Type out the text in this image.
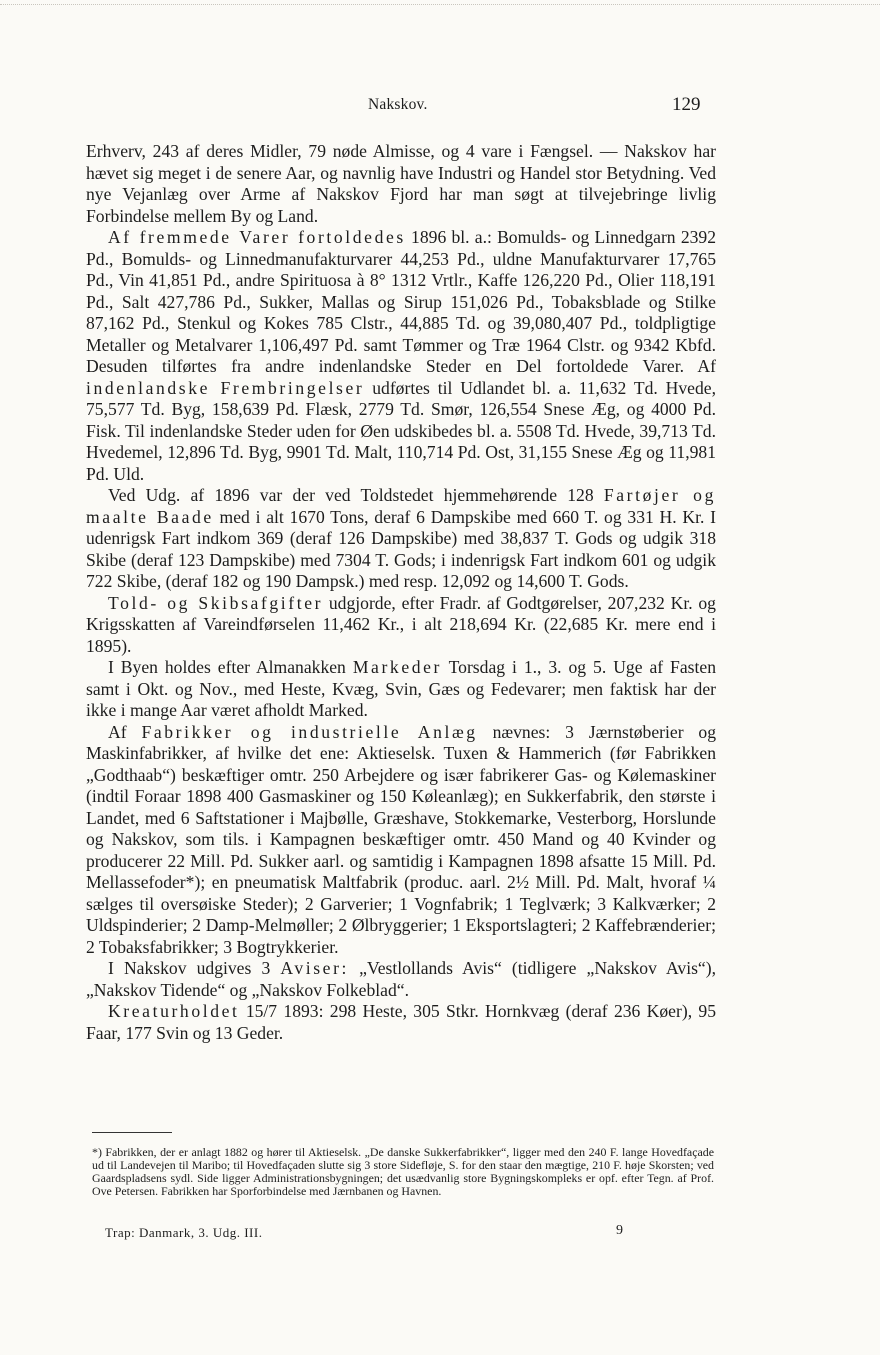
Nakskov.	129

Erhverv, 243 af deres Midler, 79 nøde Almisse, og 4 vare i Fængsel. — Nakskov har hævet sig meget i de senere Aar, og navnlig have Industri og Handel stor Betydning. Ved nye Vejanlæg over Arme af Nakskov Fjord har man søgt at tilvejebringe livlig Forbindelse mellem By og Land.

Af fremmede Varer fortoldedes 1896 bl. a.: Bomulds- og Linnedgarn 2392 Pd., Bomulds- og Linnedmanufakturvarer 44,253 Pd., uldne Manufakturvarer 17,765 Pd., Vin 41,851 Pd., andre Spirituosa à 8° 1312 Vrtlr., Kaffe 126,220 Pd., Olier 118,191 Pd., Salt 427,786 Pd., Sukker, Mallas og Sirup 151,026 Pd., Tobaksblade og Stilke 87,162 Pd., Stenkul og Kokes 785 Clstr., 44,885 Td. og 39,080,407 Pd., toldpligtige Metaller og Metalvarer 1,106,497 Pd. samt Tømmer og Træ 1964 Clstr. og 9342 Kbfd. Desuden tilførtes fra andre indenlandske Steder en Del fortoldede Varer. Af indenlandske Frembringelser udførtes til Udlandet bl. a. 11,632 Td. Hvede, 75,577 Td. Byg, 158,639 Pd. Flæsk, 2779 Td. Smør, 126,554 Snese Æg, og 4000 Pd. Fisk. Til indenlandske Steder uden for Øen udskibedes bl. a. 5508 Td. Hvede, 39,713 Td. Hvedemel, 12,896 Td. Byg, 9901 Td. Malt, 110,714 Pd. Ost, 31,155 Snese Æg og 11,981 Pd. Uld.

Ved Udg. af 1896 var der ved Toldstedet hjemmehørende 128 Fartøjer og maalte Baade med i alt 1670 Tons, deraf 6 Dampskibe med 660 T. og 331 H. Kr. I udenrigsk Fart indkom 369 (deraf 126 Dampskibe) med 38,837 T. Gods og udgik 318 Skibe (deraf 123 Dampskibe) med 7304 T. Gods; i indenrigsk Fart indkom 601 og udgik 722 Skibe, (deraf 182 og 190 Dampsk.) med resp. 12,092 og 14,600 T. Gods.

Told- og Skibsafgifter udgjorde, efter Fradr. af Godtgørelser, 207,232 Kr. og Krigsskatten af Vareindførselen 11,462 Kr., i alt 218,694 Kr. (22,685 Kr. mere end i 1895).

I Byen holdes efter Almanakken Markeder Torsdag i 1., 3. og 5. Uge af Fasten samt i Okt. og Nov., med Heste, Kvæg, Svin, Gæs og Fedevarer; men faktisk har der ikke i mange Aar været afholdt Marked.

Af Fabrikker og industrielle Anlæg nævnes: 3 Jærnstøberier og Maskinfabrikker, af hvilke det ene: Aktieselsk. Tuxen & Hammerich (før Fabrikken „Godthaab“) beskæftiger omtr. 250 Arbejdere og især fabrikerer Gas- og Kølemaskiner (indtil Foraar 1898 400 Gasmaskiner og 150 Køleanlæg); en Sukkerfabrik, den største i Landet, med 6 Saftstationer i Majbølle, Græshave, Stokkemarke, Vesterborg, Horslunde og Nakskov, som tils. i Kampagnen beskæftiger omtr. 450 Mand og 40 Kvinder og producerer 22 Mill. Pd. Sukker aarl. og samtidig i Kampagnen 1898 afsatte 15 Mill. Pd. Mellassefoder*); en pneumatisk Maltfabrik (produc. aarl. 2½ Mill. Pd. Malt, hvoraf ¼ sælges til oversøiske Steder); 2 Garverier; 1 Vognfabrik; 1 Teglværk; 3 Kalkværker; 2 Uldspinderier; 2 Damp-Melmøller; 2 Ølbryggerier; 1 Eksportslagteri; 2 Kaffebrænderier; 2 Tobaksfabrikker; 3 Bogtrykkerier.

I Nakskov udgives 3 Aviser: „Vestlollands Avis“ (tidligere „Nakskov Avis“), „Nakskov Tidende“ og „Nakskov Folkeblad“.

Kreaturholdet 15/7 1893: 298 Heste, 305 Stkr. Hornkvæg (deraf 236 Køer), 95 Faar, 177 Svin og 13 Geder.

*) Fabrikken, der er anlagt 1882 og hører til Aktieselsk. „De danske Sukkerfabrikker“, ligger med den 240 F. lange Hovedfaçade ud til Landevejen til Maribo; til Hovedfaçaden slutte sig 3 store Sidefløje, S. for den staar den mægtige, 210 F. høje Skorsten; ved Gaardspladsens sydl. Side ligger Administrationsbygningen; det usædvanlig store Bygningskompleks er opf. efter Tegn. af Prof. Ove Petersen. Fabrikken har Sporforbindelse med Jærnbanen og Havnen.

Trap: Danmark, 3. Udg. III.	9
